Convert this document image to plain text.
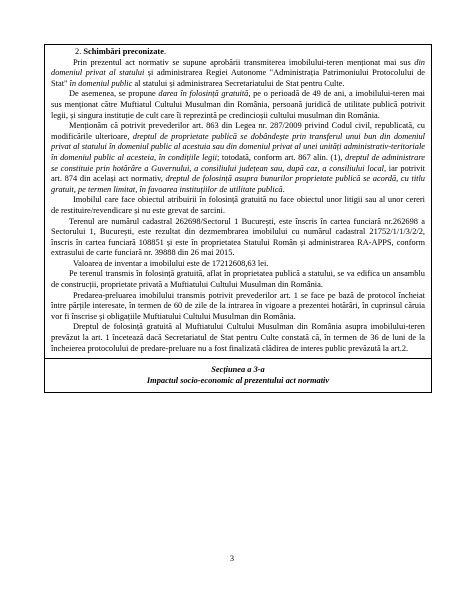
2. Schimbări preconizate.

Prin prezentul act normativ se supune aprobării transmiterea imobilului-teren menționat mai sus din domeniul privat al statului și administrarea Regiei Autonome "Administrația Patrimoniului Protocolului de Stat" în domeniul public al statului și administrarea Secretariatului de Stat pentru Culte.

De asemenea, se propune darea în folosință gratuită, pe o perioadă de 49 de ani, a imobilului-teren mai sus menționat către Muftiatul Cultului Musulman din România, persoană juridică de utilitate publică potrivit legii, și singura instituție de cult care îi reprezintă pe credincioșii cultului musulman din România.

Menționăm că potrivit prevederilor art. 863 din Legea nr. 287/2009 privind Codul civil, republicată, cu modificările ulterioare, dreptul de proprietate publică se dobândește prin transferul unui bun din domeniul privat al statului în domeniul public al acestuia sau din domeniul privat al unei unități administrativ-teritoriale în domeniul public al acesteia, în condițiile legii; totodată, conform art. 867 alin. (1), dreptul de administrare se constituie prin hotărâre a Guvernului, a consiliului județean sau, după caz, a consiliului local, iar potrivit art. 874 din același act normativ, dreptul de folosință asupra bunurilor proprietate publică se acordă, cu titlu gratuit, pe termen limitat, în favoarea instituțiilor de utilitate publică.

Imobilul care face obiectul atribuirii în folosință gratuită nu face obiectul unor litigii sau al unor cereri de restituire/revendicare și nu este grevat de sarcini.

Terenul are numărul cadastral 262698/Sectorul 1 București, este înscris în cartea funciară nr.262698 a Sectorului 1, București, este rezultat din dezmembrarea imobilului cu numărul cadastral 21752/1/1/3/2/2, înscris în cartea funciară 108851 și este în proprietatea Statului Român și administrarea RA-APPS, conform extrasului de carte funciară nr. 39888 din 26 mai 2015.

Valoarea de inventar a imobilului este de 17212608,63 lei.

Pe terenul transmis în folosință gratuită, aflat în proprietatea publică a statului, se va edifica un ansamblu de construcții, proprietate privată a Muftiatului Cultului Musulman din România.

Predarea-preluarea imobilului transmis potrivit prevederilor art. 1 se face pe bază de protocol încheiat între părțile interesate, în termen de 60 de zile de la intrarea în vigoare a prezentei hotărâri, în cuprinsul căruia vor fi înscrise și obligațiile Muftiatului Cultului Musulman din România.

Dreptul de folosință gratuită al Muftiatului Cultului Musulman din România asupra imobilului-teren prevăzut la art. 1 încetează dacă Secretariatul de Stat pentru Culte constată că, în termen de 36 de luni de la încheierea protocolului de predare-preluare nu a fost finalizată clădirea de interes public prevăzută la art.2.

Secțiunea a 3-a
Impactul socio-economic al prezentului act normativ
3
